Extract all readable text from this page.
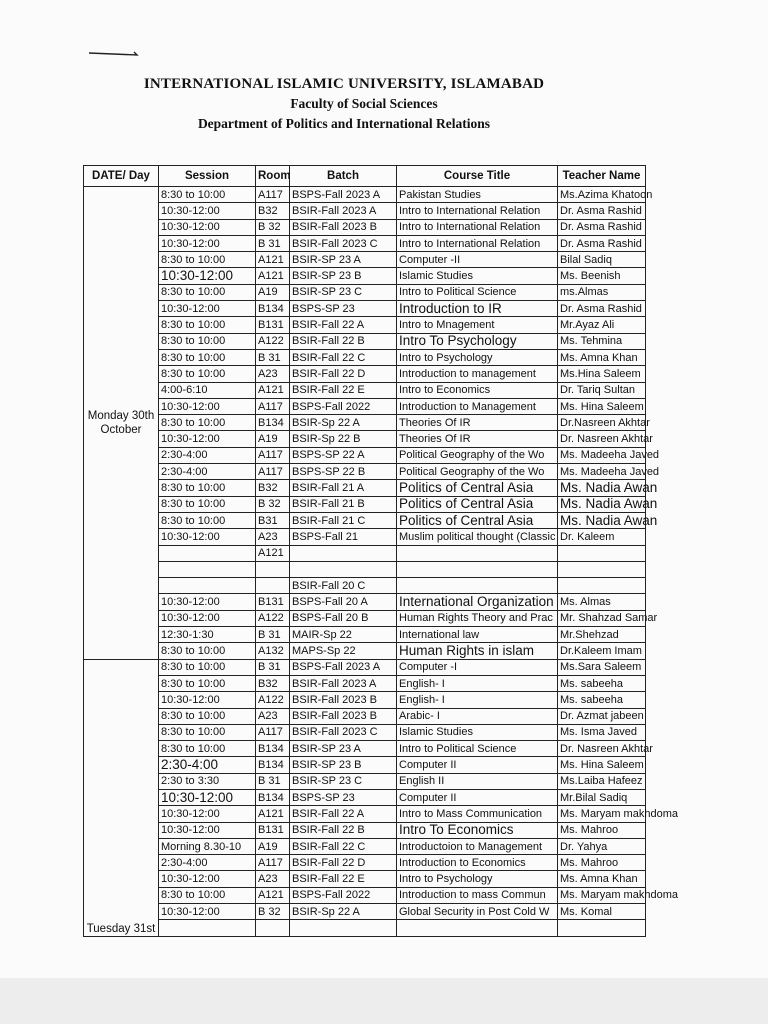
INTERNATIONAL ISLAMIC UNIVERSITY, ISLAMABAD
Faculty of Social Sciences
Department of Politics and International Relations
DATE/ Day	Session	Room	Batch	Course Title	Teacher Name
Monday 30th October	8:30 to 10:00	A117	BSPS-Fall 2023 A	Pakistan Studies	Ms.Azima Khatoon
	10:30-12:00	B32	BSIR-Fall 2023 A	Intro to International Relation	Dr. Asma Rashid
	10:30-12:00	B 32	BSIR-Fall 2023 B	Intro to International Relation	Dr. Asma Rashid
	10:30-12:00	B 31	BSIR-Fall 2023 C	Intro to International Relation	Dr. Asma Rashid
	8:30 to 10:00	A121	BSIR-SP 23 A	Computer -II	Bilal Sadiq
	10:30-12:00	A121	BSIR-SP 23 B	Islamic Studies	Ms. Beenish
	8:30 to 10:00	A19	BSIR-SP 23 C	Intro to Political Science	ms.Almas
	10:30-12:00	B134	BSPS-SP 23	Introduction to IR	Dr. Asma Rashid
	8:30 to 10:00	B131	BSIR-Fall 22 A	Intro to Mnagement	Mr.Ayaz Ali
	8:30 to 10:00	A122	BSIR-Fall 22 B	Intro To Psychology	Ms. Tehmina
	8:30 to 10:00	B 31	BSIR-Fall 22 C	Intro to Psychology	Ms. Amna Khan
	8:30 to 10:00	A23	BSIR-Fall 22 D	Introduction to management	Ms.Hina Saleem
	4:00-6:10	A121	BSIR-Fall 22 E	Intro to Economics	Dr. Tariq Sultan
	10:30-12:00	A117	BSPS-Fall 2022	Introduction to Management	Ms. Hina Saleem
	8:30 to 10:00	B134	BSIR-Sp 22 A	Theories Of IR	Dr.Nasreen Akhtar
	10:30-12:00	A19	BSIR-Sp 22 B	Theories Of IR	Dr. Nasreen Akhtar
	2:30-4:00	A117	BSPS-SP 22 A	Political Geography of the Wo	Ms. Madeeha Javed
	2:30-4:00	A117	BSPS-SP 22 B	Political Geography of the Wo	Ms. Madeeha Javed
	8:30 to 10:00	B32	BSIR-Fall 21 A	Politics of Central Asia	Ms. Nadia Awan
	8:30 to 10:00	B 32	BSIR-Fall 21 B	Politics of Central Asia	Ms. Nadia Awan
	8:30 to 10:00	B31	BSIR-Fall 21 C	Politics of Central Asia	Ms. Nadia Awan
	10:30-12:00	A23	BSPS-Fall 21	Muslim political thought (Classic	Dr. Kaleem
		A121			

			BSIR-Fall 20 C		
	10:30-12:00	B131	BSPS-Fall 20 A	International Organization	Ms. Almas
	10:30-12:00	A122	BSPS-Fall 20 B	Human Rights Theory and Prac	Mr. Shahzad Samar
	12:30-1:30	B 31	MAIR-Sp 22	International law	Mr.Shehzad
	8:30 to 10:00	A132	MAPS-Sp 22	Human Rights in islam	Dr.Kaleem Imam
Tuesday 31st	8:30 to 10:00	B 31	BSPS-Fall 2023 A	Computer -I	Ms.Sara Saleem
	8:30 to 10:00	B32	BSIR-Fall 2023 A	English- I	Ms. sabeeha
	10:30-12:00	A122	BSIR-Fall 2023 B	English- I	Ms. sabeeha
	8:30 to 10:00	A23	BSIR-Fall 2023 B	Arabic- I	Dr. Azmat jabeen
	8:30 to 10:00	A117	BSIR-Fall 2023 C	Islamic Studies	Ms. Isma Javed
	8:30 to 10:00	B134	BSIR-SP 23 A	Intro to Political Science	Dr. Nasreen Akhtar
	2:30-4:00	B134	BSIR-SP 23 B	Computer II	Ms. Hina Saleem
	2:30 to 3:30	B 31	BSIR-SP 23 C	English II	Ms.Laiba Hafeez
	10:30-12:00	B134	BSPS-SP 23	Computer II	Mr.Bilal Sadiq
	10:30-12:00	A121	BSIR-Fall 22 A	Intro to Mass Communication	Ms. Maryam makhdoma
	10:30-12:00	B131	BSIR-Fall 22 B	Intro To Economics	Ms. Mahroo
	Morning 8.30-10	A19	BSIR-Fall 22 C	Introductoion to Management	Dr. Yahya
	2:30-4:00	A117	BSIR-Fall 22 D	Introduction to Economics	Ms. Mahroo
	10:30-12:00	A23	BSIR-Fall 22 E	Intro to Psychology	Ms. Amna Khan
	8:30 to 10:00	A121	BSPS-Fall 2022	Introduction to mass Commun	Ms. Maryam makhdoma
	10:30-12:00	B 32	BSIR-Sp 22 A	Global Security in Post Cold W	Ms. Komal
